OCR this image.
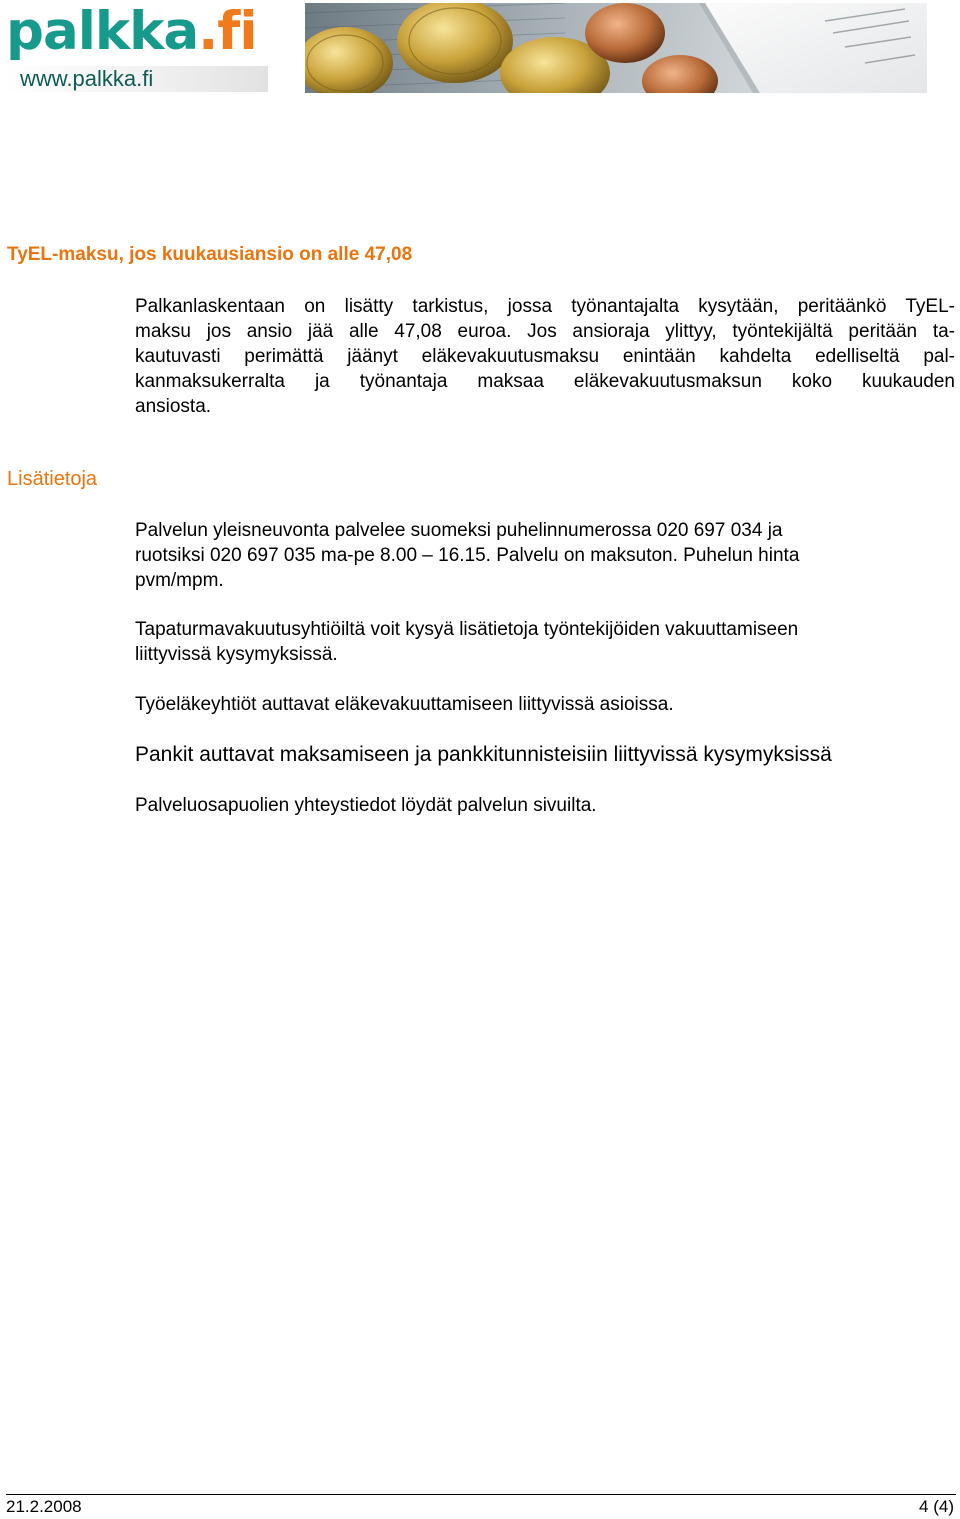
palkka.fi
www.palkka.fi
TyEL-maksu, jos kuukausiansio on alle 47,08
Palkanlaskentaan on lisätty tarkistus, jossa työnantajalta kysytään, peritäänkö TyEL-
maksu jos ansio jää alle 47,08 euroa. Jos ansioraja ylittyy, työntekijältä peritään ta-
kautuvasti perimättä jäänyt eläkevakuutusmaksu enintään kahdelta edelliseltä pal-
kanmaksukerralta ja työnantaja maksaa eläkevakuutusmaksun koko kuukauden
ansiosta.
Lisätietoja
Palvelun yleisneuvonta palvelee suomeksi puhelinnumerossa 020 697 034 ja
ruotsiksi 020 697 035 ma-pe 8.00 – 16.15. Palvelu on maksuton. Puhelun hinta
pvm/mpm.
Tapaturmavakuutusyhtiöiltä voit kysyä lisätietoja työntekijöiden vakuuttamiseen
liittyvissä kysymyksissä.
Työeläkeyhtiöt auttavat eläkevakuuttamiseen liittyvissä asioissa.
Pankit auttavat maksamiseen ja pankkitunnisteisiin liittyvissä kysymyksissä
Palveluosapuolien yhteystiedot löydät palvelun sivuilta.
21.2.2008	4 (4)
